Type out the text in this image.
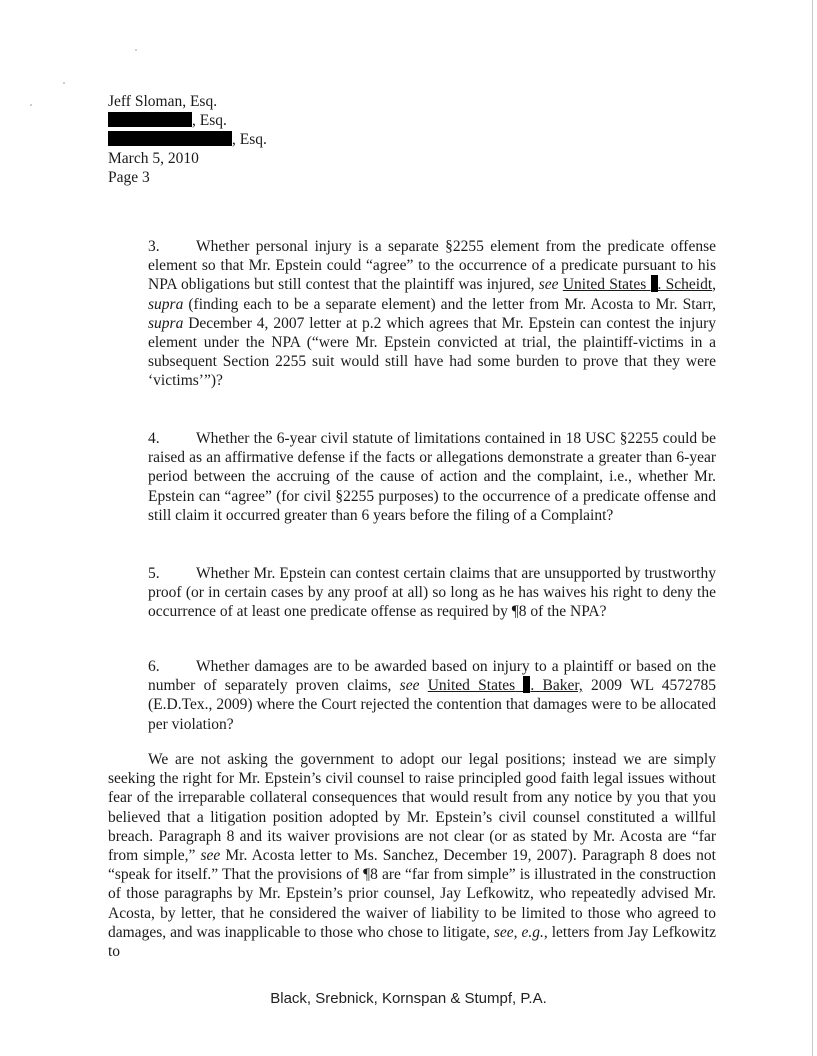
Jeff Sloman, Esq.
, Esq.
, Esq.
March 5, 2010
Page 3
3. Whether personal injury is a separate §2255 element from the predicate offense element so that Mr. Epstein could “agree” to the occurrence of a predicate pursuant to his NPA obligations but still contest that the plaintiff was injured, see United States . Scheidt, supra (finding each to be a separate element) and the letter from Mr. Acosta to Mr. Starr, supra December 4, 2007 letter at p.2 which agrees that Mr. Epstein can contest the injury element under the NPA (“were Mr. Epstein convicted at trial, the plaintiff-victims in a subsequent Section 2255 suit would still have had some burden to prove that they were ‘victims’”)?
4. Whether the 6-year civil statute of limitations contained in 18 USC §2255 could be raised as an affirmative defense if the facts or allegations demonstrate a greater than 6-year period between the accruing of the cause of action and the complaint, i.e., whether Mr. Epstein can “agree” (for civil §2255 purposes) to the occurrence of a predicate offense and still claim it occurred greater than 6 years before the filing of a Complaint?
5. Whether Mr. Epstein can contest certain claims that are unsupported by trustworthy proof (or in certain cases by any proof at all) so long as he has waives his right to deny the occurrence of at least one predicate offense as required by ¶8 of the NPA?
6. Whether damages are to be awarded based on injury to a plaintiff or based on the number of separately proven claims, see United States . Baker, 2009 WL 4572785 (E.D.Tex., 2009) where the Court rejected the contention that damages were to be allocated per violation?
We are not asking the government to adopt our legal positions; instead we are simply seeking the right for Mr. Epstein’s civil counsel to raise principled good faith legal issues without fear of the irreparable collateral consequences that would result from any notice by you that you believed that a litigation position adopted by Mr. Epstein’s civil counsel constituted a willful breach. Paragraph 8 and its waiver provisions are not clear (or as stated by Mr. Acosta are “far from simple,” see Mr. Acosta letter to Ms. Sanchez, December 19, 2007). Paragraph 8 does not “speak for itself.” That the provisions of ¶8 are “far from simple” is illustrated in the construction of those paragraphs by Mr. Epstein’s prior counsel, Jay Lefkowitz, who repeatedly advised Mr. Acosta, by letter, that he considered the waiver of liability to be limited to those who agreed to damages, and was inapplicable to those who chose to litigate, see, e.g., letters from Jay Lefkowitz to
Black, Srebnick, Kornspan & Stumpf, P.A.
